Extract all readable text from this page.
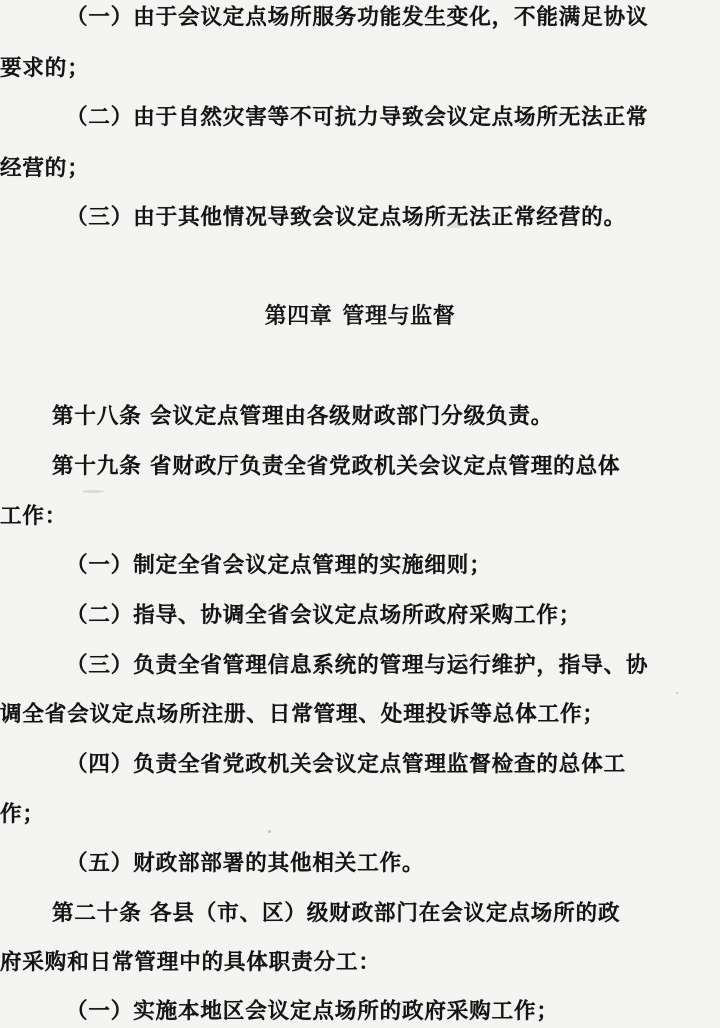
（一）由于会议定点场所服务功能发生变化，不能满足协议
要求的；
（二）由于自然灾害等不可抗力导致会议定点场所无法正常
经营的；
（三）由于其他情况导致会议定点场所无法正常经营的。
第四章 管理与监督
第十八条 会议定点管理由各级财政部门分级负责。
第十九条 省财政厅负责全省党政机关会议定点管理的总体
工作：
（一）制定全省会议定点管理的实施细则；
（二）指导、协调全省会议定点场所政府采购工作；
（三）负责全省管理信息系统的管理与运行维护，指导、协
调全省会议定点场所注册、日常管理、处理投诉等总体工作；
（四）负责全省党政机关会议定点管理监督检查的总体工
作；
（五）财政部部署的其他相关工作。
第二十条 各县（市、区）级财政部门在会议定点场所的政
府采购和日常管理中的具体职责分工：
（一）实施本地区会议定点场所的政府采购工作；
